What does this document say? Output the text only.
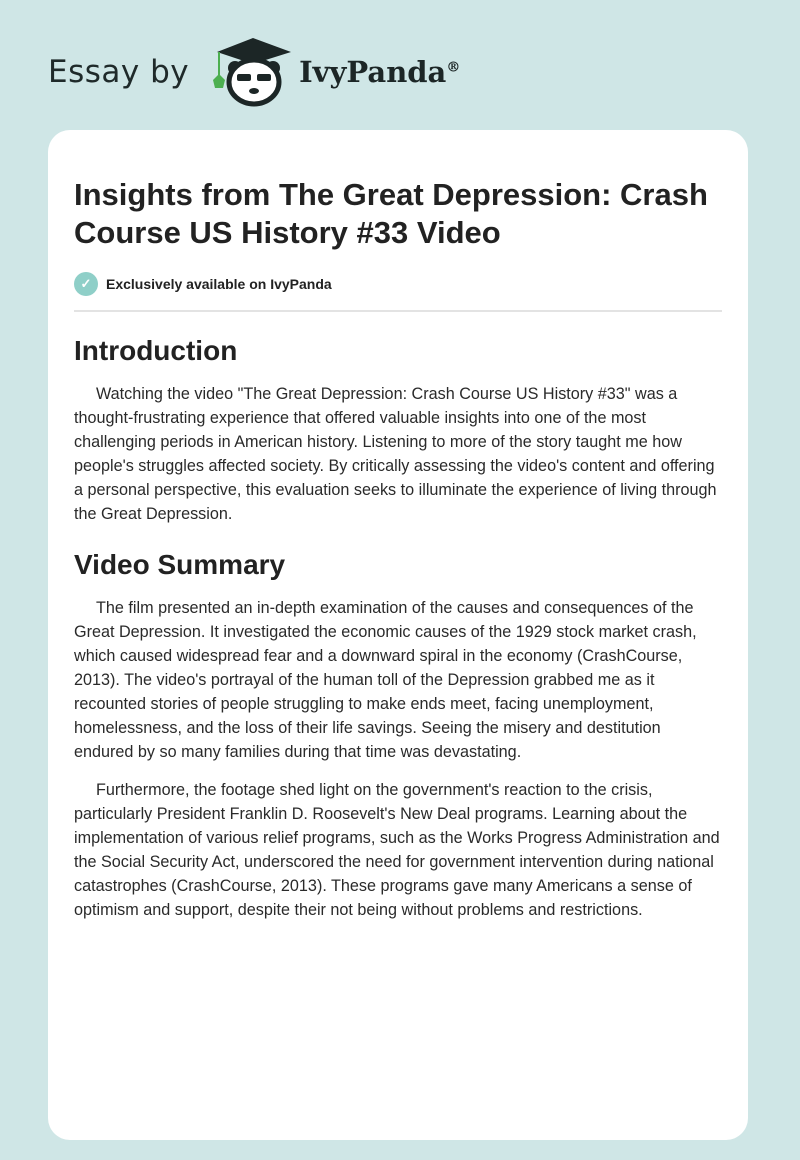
Essay by	IvyPanda®
Insights from The Great Depression: Crash Course US History #33 Video
✓	Exclusively available on IvyPanda
Introduction

Watching the video "The Great Depression: Crash Course US History #33" was a thought-frustrating experience that offered valuable insights into one of the most challenging periods in American history. Listening to more of the story taught me how people's struggles affected society. By critically assessing the video's content and offering a personal perspective, this evaluation seeks to illuminate the experience of living through the Great Depression.

Video Summary

The film presented an in-depth examination of the causes and consequences of the Great Depression. It investigated the economic causes of the 1929 stock market crash, which caused widespread fear and a downward spiral in the economy (CrashCourse, 2013). The video's portrayal of the human toll of the Depression grabbed me as it recounted stories of people struggling to make ends meet, facing unemployment, homelessness, and the loss of their life savings. Seeing the misery and destitution endured by so many families during that time was devastating.

Furthermore, the footage shed light on the government's reaction to the crisis, particularly President Franklin D. Roosevelt's New Deal programs. Learning about the implementation of various relief programs, such as the Works Progress Administration and the Social Security Act, underscored the need for government intervention during national catastrophes (CrashCourse, 2013). These programs gave many Americans a sense of optimism and support, despite their not being without problems and restrictions.
